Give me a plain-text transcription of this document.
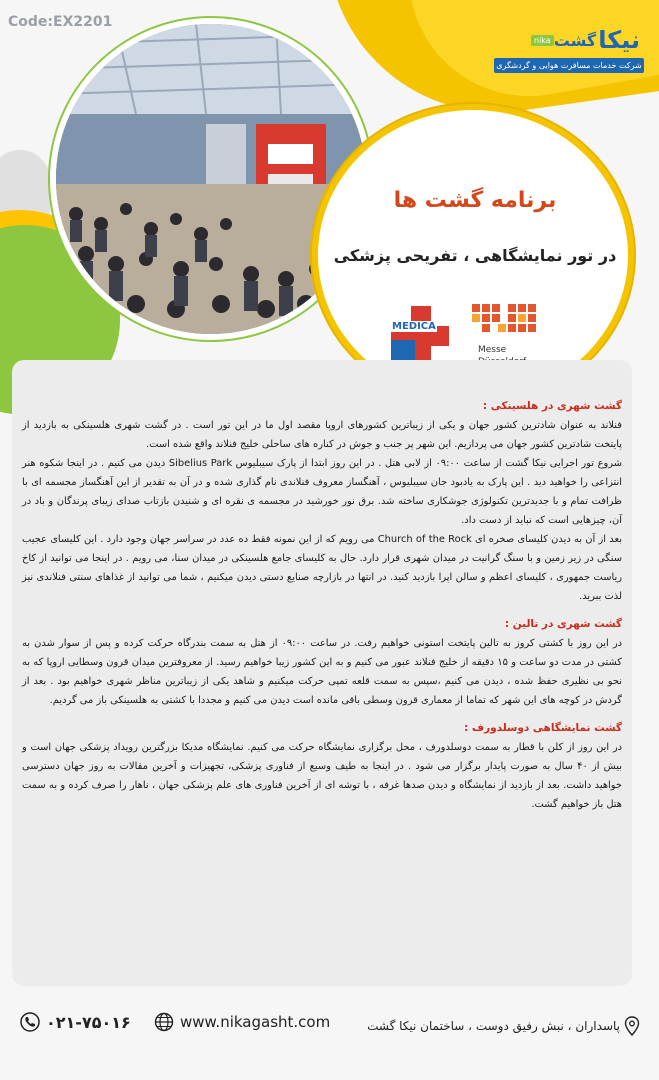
Code:EX2201
nika گشت نیکا
شرکت خدمات مسافرت هوایی و گردشگری
برنامه گشت ها
در تور نمایشگاهی ، تفریحی پزشکی
MEDICA
Messe
گشت شهری در هلسینکی :

فنلاند به عنوان شادترین کشور جهان و یکی از زیباترین کشورهای اروپا مقصد اول ما در این تور است . در گشت شهری هلسینکی به بازدید از پایتخت شادترین کشور جهان می پردازیم. این شهر پر جنب و جوش در کناره های ساحلی خلیج فنلاند واقع شده است.

شروع تور اجرایی نیکا گشت از ساعت ۰۹:۰۰ از لابی هتل . در این روز ابتدا از پارک سیبلیوس Sibelius Park دیدن می کنیم . در اینجا شکوه هنر انتزاعی را خواهید دید . این پارک به یادبود جان سیبلیوس ، آهنگساز معروف فنلاندی نام گذاری شده و در آن به تقدیر از این آهنگساز مجسمه ای با ظرافت تمام و با جدیدترین تکنولوژی جوشکاری ساخته شد. برق نور خورشید در مجسمه ی نقره ای و شنیدن بازتاب صدای زیبای پرندگان و باد در آن، چیزهایی است که نباید از دست داد.

بعد از آن به دیدن کلیسای صخره ای Church of the Rock می رویم که از این نمونه فقط ده عدد در سراسر جهان وجود دارد . این کلیسای عجیب سنگی در زیر زمین و با سنگ گرانیت در میدان شهری قرار دارد. حال به کلیسای جامع هلسینکی در میدان سنا، می رویم . در اینجا می توانید از کاخ ریاست جمهوری ، کلیسای اعظم و سالن اپرا بازدید کنید. در انتها در بازارچه صنایع دستی دیدن میکنیم ، شما می توانید از غذاهای سنتی فنلاندی نیز لذت ببرید.

گشت شهری در تالین :

در این روز با کشتی کروز به تالین پایتخت استونی خواهیم رفت. در ساعت ۰۹:۰۰ از هتل به سمت بندرگاه حرکت کرده و پس از سوار شدن به کشتی در مدت دو ساعت و ۱۵ دقیقه از خلیج فنلاند عبور می کنیم و به این کشور زیبا خواهیم رسید. از معروفترین میدان قرون وسطایی اروپا که به نحو بی نظیری حفظ شده ، دیدن می کنیم ،سپس به سمت قلعه تمپی حرکت میکنیم و شاهد یکی از زیباترین مناظر شهری خواهیم بود . بعد از گردش در کوچه های این شهر که تماما از معماری قرون وسطی باقی مانده است دیدن می کنیم و مجددا با کشتی به هلسینکی باز می گردیم.

گشت نمایشگاهی دوسلدورف :

در این روز از کلن با قطار به سمت دوسلدورف ، محل برگزاری نمایشگاه حرکت می کنیم. نمایشگاه مدیکا بزرگترین رویداد پزشکی جهان است و بیش از ۴۰ سال به صورت پایدار برگزار می شود . در اینجا به طیف وسیع از فناوری پزشکی، تجهیزات و آخرین مقالات به روز جهان دسترسی خواهید داشت. بعد از بازدید از نمایشگاه و دیدن صدها غرفه ، با توشه ای از آخرین فناوری های علم پزشکی جهان ، ناهار را صرف کرده و به سمت هتل باز خواهیم گشت.

۰۲۱-۷۵۰۱۶	www.nikagasht.com	پاسداران ، نبش رفیق دوست ، ساختمان نیکا گشت
